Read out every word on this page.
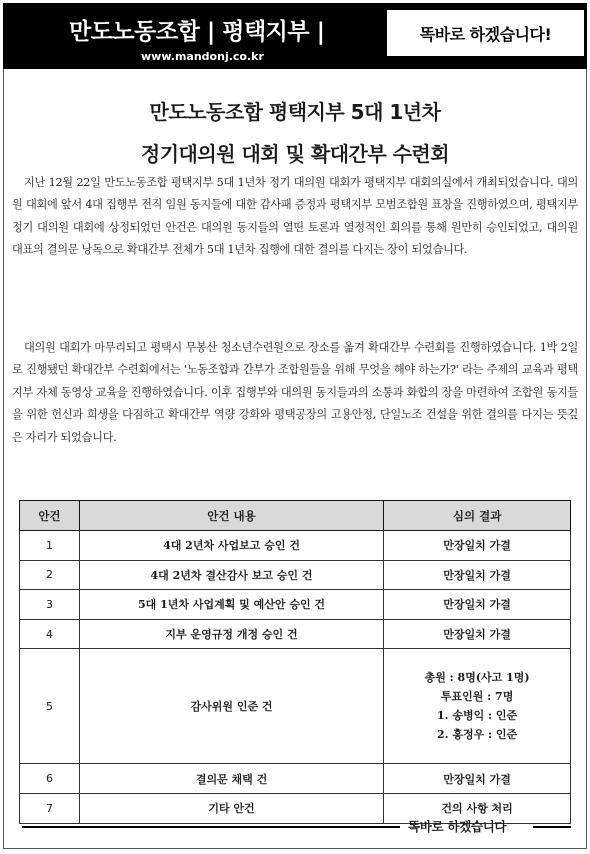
만도노동조합 | 평택지부 |
www.mandonj.co.kr
똑바로 하겠습니다!
만도노동조합 평택지부 5대 1년차
정기대의원 대회 및 확대간부 수련회

지난 12월 22일 만도노동조합 평택지부 5대 1년차 정기 대의원 대회가 평택지부 대회의실에서 개최되었습니다. 대의원 대회에 앞서 4대 집행부 전직 임원 동지들에 대한 감사패 증정과 평택지부 모범조합원 표창을 진행하였으며, 평택지부 정기 대의원 대회에 상정되었던 안건은 대의원 동지들의 열띤 토론과 열정적인 회의를 통해 원만히 승인되었고, 대의원 대표의 결의문 낭독으로 확대간부 전체가 5대 1년차 집행에 대한 결의를 다지는 장이 되었습니다.

대의원 대회가 마무리되고 평택시 무봉산 청소년수련원으로 장소를 옮겨 확대간부 수련회를 진행하였습니다. 1박 2일로 진행됐던 확대간부 수련회에서는 '노동조합과 간부가 조합원들을 위해 무엇을 해야 하는가?' 라는 주제의 교육과 평택지부 자체 동영상 교육을 진행하였습니다. 이후 집행부와 대의원 동지들과의 소통과 화합의 장을 마련하여 조합원 동지들을 위한 헌신과 희생을 다짐하고 확대간부 역량 강화와 평택공장의 고용안정, 단일노조 건설을 위한 결의를 다지는 뜻깊은 자리가 되었습니다.

안건	안건 내용	심의 결과
1	4대 2년차 사업보고 승인 건	만장일치 가결
2	4대 2년차 결산감사 보고 승인 건	만장일치 가결
3	5대 1년차 사업계획 및 예산안 승인 건	만장일치 가결
4	지부 운영규정 개정 승인 건	만장일치 가결
5	감사위원 인준 건	총원 : 8명(사고 1명)
투표인원 : 7명
1. 송병익 : 인준
2. 홍정우 : 인준

6	결의문 채택 건	만장일치 가결
7	기타 안건	건의 사항 처리
똑바로 하겠습니다
